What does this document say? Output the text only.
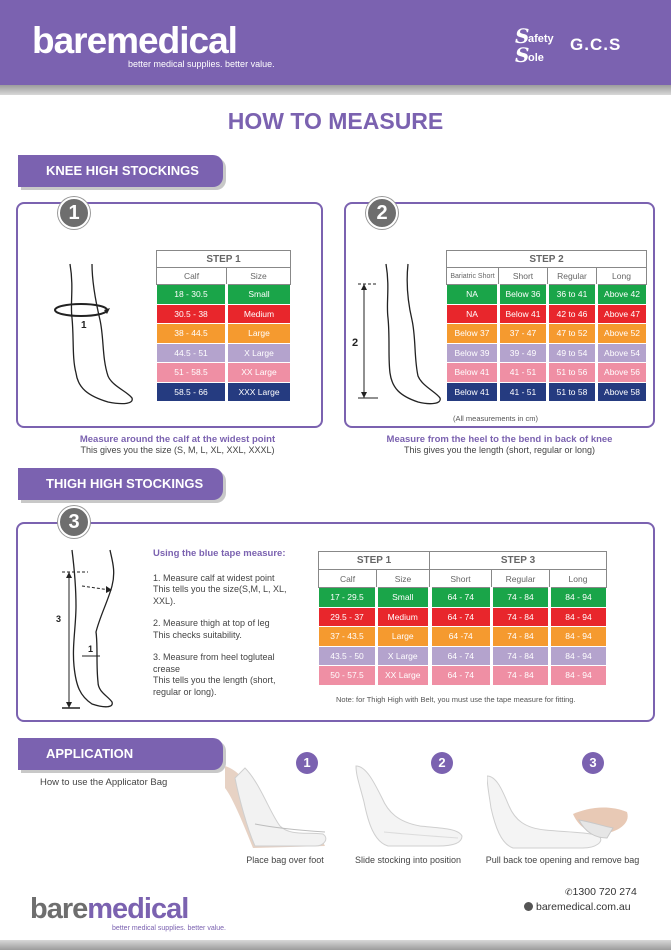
baremedical
better medical supplies. better value.
S
afety
S
ole
G.C.S
HOW TO MEASURE
KNEE HIGH STOCKINGS
1
1
STEP 1	
Calf	Size
18 - 30.5	Small
30.5 - 38	Medium
38 - 44.5	Large
44.5 - 51	X Large
51 - 58.5	XX Large
58.5 - 66	XXX Large
Measure around the calf at the widest point
This gives you the size (S, M, L, XL, XXL, XXXL)
2
2
STEP 2			
Bariatric Short	Short	Regular	Long
NA	Below 36	36 to 41	Above 42
NA	Below 41	42 to 46	Above 47
Below 37	37 - 47	47 to 52	Above 52
Below 39	39 - 49	49 to 54	Above 54
Below 41	41 - 51	51 to 56	Above 56
Below 41	41 - 51	51 to 58	Above 58
(All measurements in cm)
Measure from the heel to the bend in back of knee
This gives you the length (short, regular or long)
THIGH HIGH STOCKINGS
3
3
1
Using the blue tape measure:
1. Measure calf at widest point
This tells you the size(S,M, L, XL, XXL).
2. Measure thigh at top of leg
This checks suitability.
3. Measure from heel togluteal crease
This tells you the length (short, regular or long).
STEP 1		STEP 3		
Calf	Size	Short	Regular	Long
17 - 29.5	Small	64 - 74	74 - 84	84 - 94
29.5 - 37	Medium	64 - 74	74 - 84	84 - 94
37 - 43.5	Large	64 -74	74 - 84	84 - 94
43.5 - 50	X Large	64 - 74	74 - 84	84 - 94
50 - 57.5	XX Large	64 - 74	74 - 84	84 - 94
Note: for Thigh High with Belt, you must use the tape measure for fitting.
APPLICATION
How to use the Applicator Bag
1	2	3
Place bag over foot	Slide stocking into position	Pull back toe opening and remove bag
baremedical
better medical supplies. better value.
✆1300 720 274
baremedical.com.au
